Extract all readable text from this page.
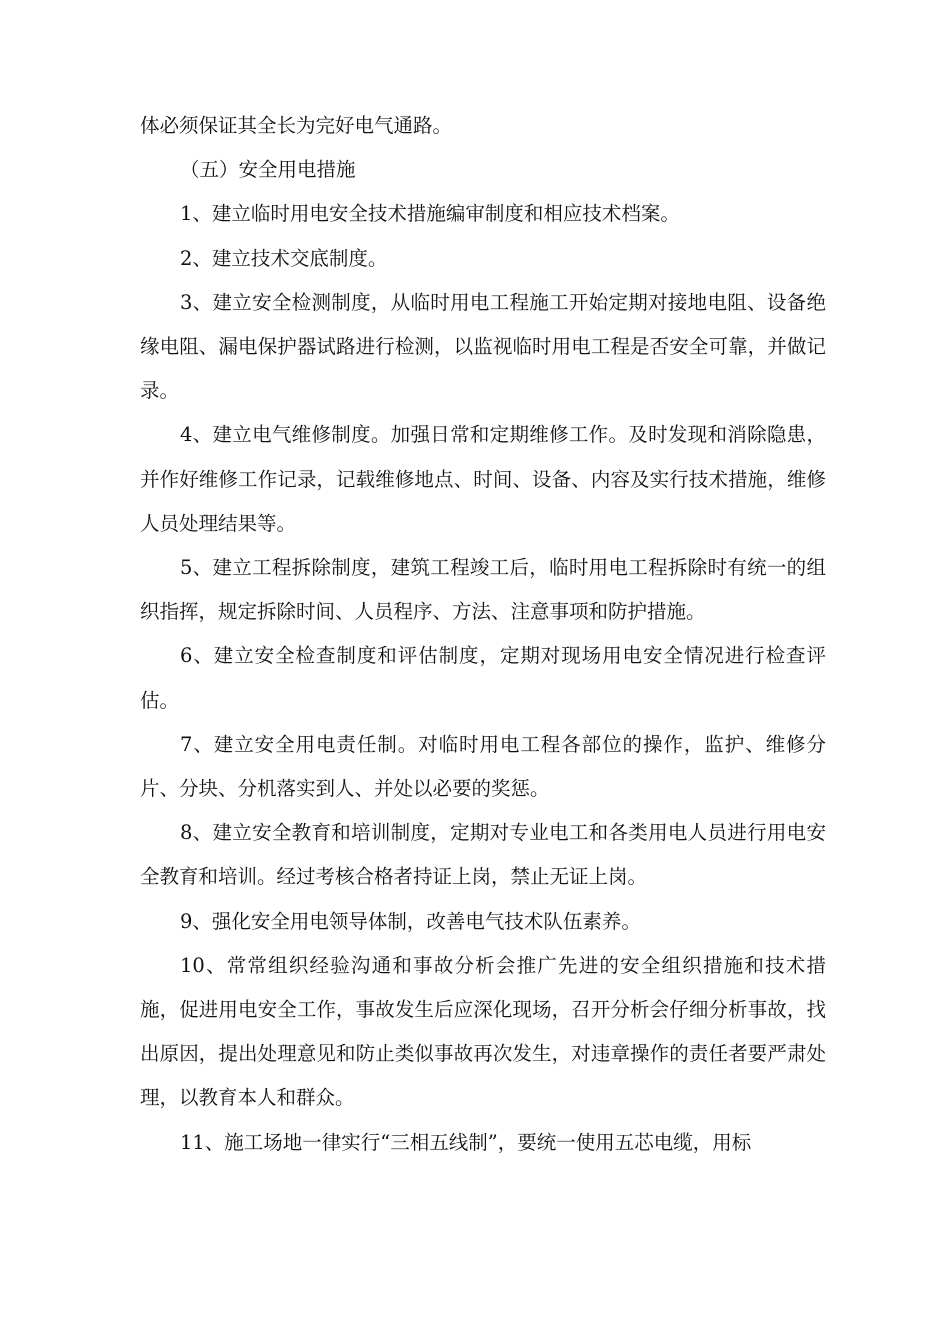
体必须保证其全长为完好电气通路。

（五）安全用电措施

1、建立临时用电安全技术措施编审制度和相应技术档案。

2、建立技术交底制度。

3、建立安全检测制度，从临时用电工程施工开始定期对接地电阻、设备绝缘电阻、漏电保护器试路进行检测，以监视临时用电工程是否安全可靠，并做记录。

4、建立电气维修制度。加强日常和定期维修工作。及时发现和消除隐患，并作好维修工作记录，记载维修地点、时间、设备、内容及实行技术措施，维修人员处理结果等。

5、建立工程拆除制度，建筑工程竣工后，临时用电工程拆除时有统一的组织指挥，规定拆除时间、人员程序、方法、注意事项和防护措施。

6、建立安全检查制度和评估制度，定期对现场用电安全情况进行检查评估。

7、建立安全用电责任制。对临时用电工程各部位的操作，监护、维修分片、分块、分机落实到人、并处以必要的奖惩。

8、建立安全教育和培训制度，定期对专业电工和各类用电人员进行用电安全教育和培训。经过考核合格者持证上岗，禁止无证上岗。

9、强化安全用电领导体制，改善电气技术队伍素养。

10、常常组织经验沟通和事故分析会推广先进的安全组织措施和技术措施，促进用电安全工作，事故发生后应深化现场，召开分析会仔细分析事故，找出原因，提出处理意见和防止类似事故再次发生，对违章操作的责任者要严肃处理，以教育本人和群众。

11、施工场地一律实行“三相五线制”，要统一使用五芯电缆，用标
